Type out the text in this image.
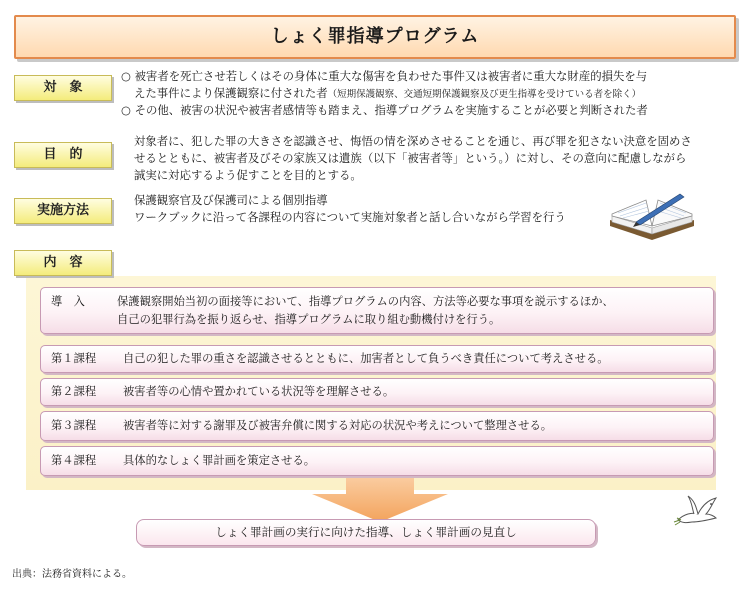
しょく罪指導プログラム
対　象
○ 被害者を死亡させ若しくはその身体に重大な傷害を負わせた事件又は被害者に重大な財産的損失を与
えた事件により保護観察に付された者（短期保護観察、交通短期保護観察及び更生指導を受けている者を除く）
○ その他、被害の状況や被害者感情等も踏まえ、指導プログラムを実施することが必要と判断された者
目　的
対象者に、犯した罪の大きさを認識させ、悔悟の情を深めさせることを通じ、再び罪を犯さない決意を固めさ
せるとともに、被害者及びその家族又は遺族（以下「被害者等」という。）に対し、その意向に配慮しながら
誠実に対応するよう促すことを目的とする。
実施方法
保護観察官及び保護司による個別指導
ワークブックに沿って各課程の内容について実施対象者と話し合いながら学習を行う
内　容
導　入	保護観察開始当初の面接等において、指導プログラムの内容、方法等必要な事項を説示するほか、
自己の犯罪行為を振り返らせ、指導プログラムに取り組む動機付けを行う。
第１課程 自己の犯した罪の重さを認識させるとともに、加害者として負うべき責任について考えさせる。
第２課程 被害者等の心情や置かれている状況等を理解させる。
第３課程 被害者等に対する謝罪及び被害弁償に関する対応の状況や考えについて整理させる。
第４課程 具体的なしょく罪計画を策定させる。
しょく罪計画の実行に向けた指導、しょく罪計画の見直し
出典：法務省資料による。
